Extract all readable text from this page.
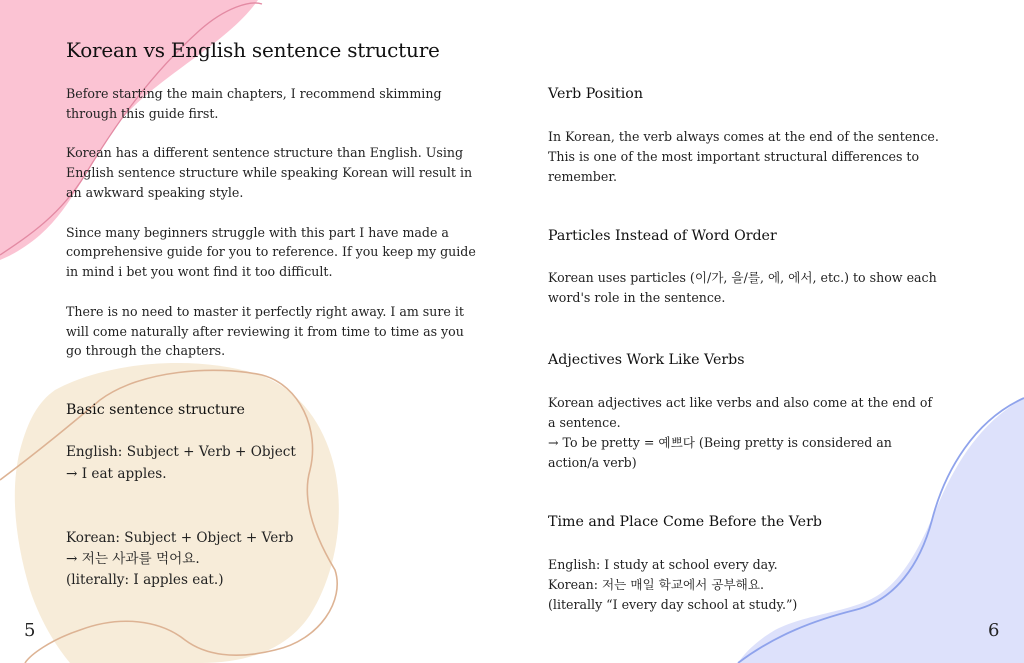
Korean vs English sentence structure

Before starting the main chapters, I recommend skimming through this guide first.

Korean has a different sentence structure than English. Using English sentence structure while speaking Korean will result in an awkward speaking style.

Since many beginners struggle with this part I have made a comprehensive guide for you to reference. If you keep my guide in mind i bet you wont find it too difficult.

There is no need to master it perfectly right away. I am sure it will come naturally after reviewing it from time to time as you go through the chapters.

Basic sentence structure

English: Subject + Verb + Object

→ I eat apples.

Korean: Subject + Object + Verb

→ 저는 사과를 먹어요.

(literally: I apples eat.)

5
Verb Position
In Korean, the verb always comes at the end of the sentence. This is one of the most important structural differences to remember.
Particles Instead of Word Order
Korean uses particles (이/가, 을/를, 에, 에서, etc.) to show each word's role in the sentence.
Adjectives Work Like Verbs
Korean adjectives act like verbs and also come at the end of a sentence.
→ To be pretty = 예쁘다 (Being pretty is considered an action/a verb)
Time and Place Come Before the Verb
English: I study at school every day.
Korean: 저는 매일 학교에서 공부해요.
(literally “I every day school at study.”)
6
